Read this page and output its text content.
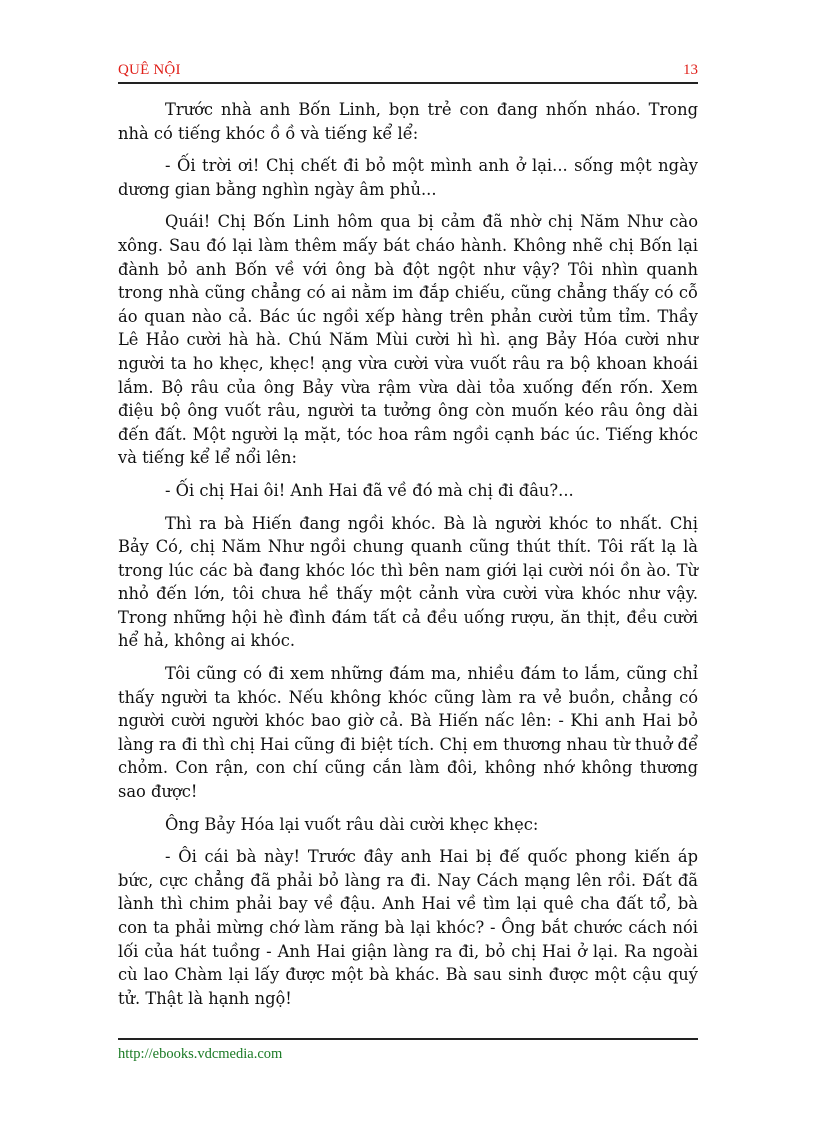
QUÊ NỘI	13

Trước nhà anh Bốn Linh, bọn trẻ con đang nhốn nháo. Trong nhà có tiếng khóc ồ ồ và tiếng kể lể:

- Ối trời ơi! Chị chết đi bỏ một mình anh ở lại... sống một ngày dương gian bằng nghìn ngày âm phủ...

Quái! Chị Bốn Linh hôm qua bị cảm đã nhờ chị Năm Như cào xông. Sau đó lại làm thêm mấy bát cháo hành. Không nhẽ chị Bốn lại đành bỏ anh Bốn về với ông bà đột ngột như vậy? Tôi nhìn quanh trong nhà cũng chẳng có ai nằm im đắp chiếu, cũng chẳng thấy có cỗ áo quan nào cả. Bác úc ngồi xếp hàng trên phản cười tủm tỉm. Thầy Lê Hảo cười hà hà. Chú Năm Mùi cười hì hì. ạng Bảy Hóa cười như người ta ho khẹc, khẹc! ạng vừa cười vừa vuốt râu ra bộ khoan khoái lắm. Bộ râu của ông Bảy vừa rậm vừa dài tỏa xuống đến rốn. Xem điệu bộ ông vuốt râu, người ta tưởng ông còn muốn kéo râu ông dài đến đất. Một người lạ mặt, tóc hoa râm ngồi cạnh bác úc. Tiếng khóc và tiếng kể lể nổi lên:

- Ối chị Hai ôi! Anh Hai đã về đó mà chị đi đâu?...

Thì ra bà Hiến đang ngồi khóc. Bà là người khóc to nhất. Chị Bảy Có, chị Năm Như ngồi chung quanh cũng thút thít. Tôi rất lạ là trong lúc các bà đang khóc lóc thì bên nam giới lại cười nói ồn ào. Từ nhỏ đến lớn, tôi chưa hề thấy một cảnh vừa cười vừa khóc như vậy. Trong những hội hè đình đám tất cả đều uống rượu, ăn thịt, đều cười hể hả, không ai khóc.

Tôi cũng có đi xem những đám ma, nhiều đám to lắm, cũng chỉ thấy người ta khóc. Nếu không khóc cũng làm ra vẻ buồn, chẳng có người cười người khóc bao giờ cả. Bà Hiến nấc lên: - Khi anh Hai bỏ làng ra đi thì chị Hai cũng đi biệt tích. Chị em thương nhau từ thuở để chỏm. Con rận, con chí cũng cắn làm đôi, không nhớ không thương sao được!

Ông Bảy Hóa lại vuốt râu dài cười khẹc khẹc:

- Ôi cái bà này! Trước đây anh Hai bị đế quốc phong kiến áp bức, cực chẳng đã phải bỏ làng ra đi. Nay Cách mạng lên rồi. Đất đã lành thì chim phải bay về đậu. Anh Hai về tìm lại quê cha đất tổ, bà con ta phải mừng chớ làm răng bà lại khóc? - Ông bắt chước cách nói lối của hát tuồng - Anh Hai giận làng ra đi, bỏ chị Hai ở lại. Ra ngoài cù lao Chàm lại lấy được một bà khác. Bà sau sinh được một cậu quý tử. Thật là hạnh ngộ!

http://ebooks.vdcmedia.com
